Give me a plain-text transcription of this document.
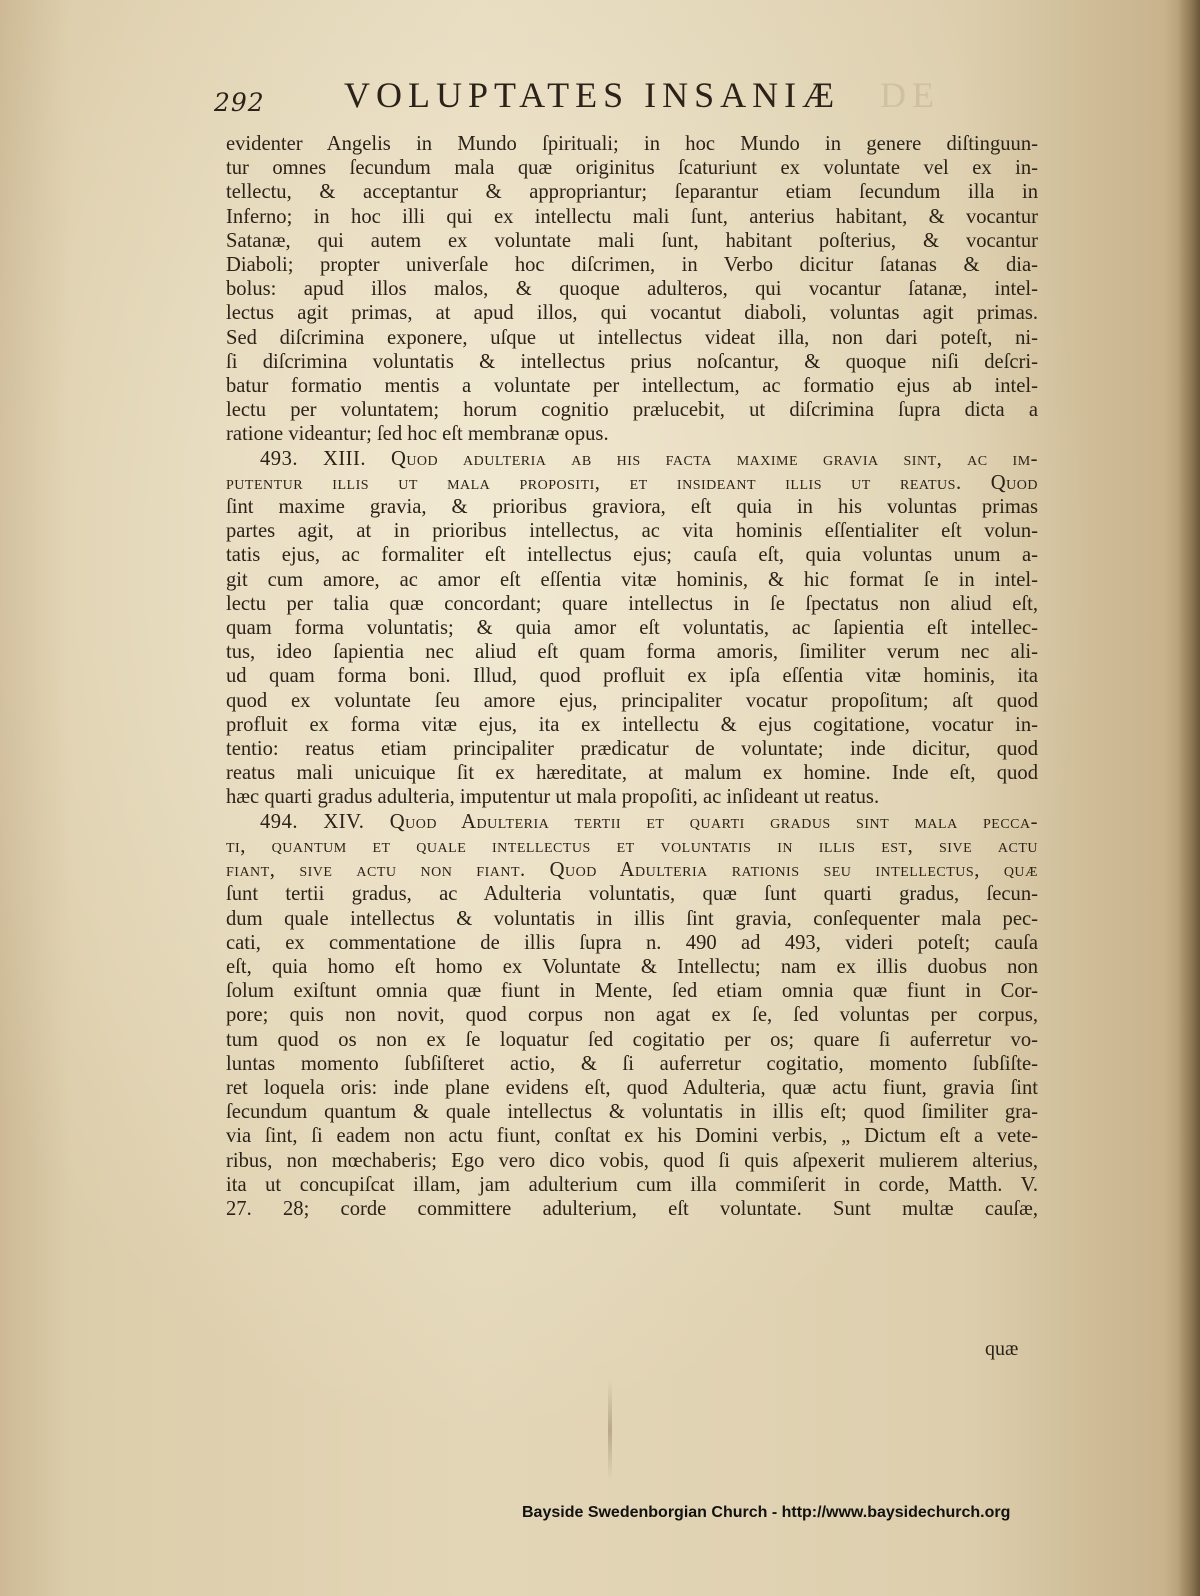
292 VOLUPTATES INSANIÆ DE
evidenter Angelis in Mundo ſpirituali; in hoc Mundo in genere diſtinguun-
tur omnes ſecundum mala quæ originitus ſcaturiunt ex voluntate vel ex in-
tellectu, & acceptantur & appropriantur; ſeparantur etiam ſecundum illa in
Inferno; in hoc illi qui ex intellectu mali ſunt, anterius habitant, & vocantur
Satanæ, qui autem ex voluntate mali ſunt, habitant poſterius, & vocantur
Diaboli; propter univerſale hoc diſcrimen, in Verbo dicitur ſatanas & dia-
bolus: apud illos malos, & quoque adulteros, qui vocantur ſatanæ, intel-
lectus agit primas, at apud illos, qui vocantut diaboli, voluntas agit primas.
Sed diſcrimina exponere, uſque ut intellectus videat illa, non dari poteſt, ni-
ſi diſcrimina voluntatis & intellectus prius noſcantur, & quoque niſi deſcri-
batur formatio mentis a voluntate per intellectum, ac formatio ejus ab intel-
lectu per voluntatem; horum cognitio prælucebit, ut diſcrimina ſupra dicta a
ratione videantur; ſed hoc eſt membranæ opus.
493. XIII. Quod adulteria ab his facta maxime gravia sint, ac im-
putentur illis ut mala propositi, et insideant illis ut reatus. Quod
ſint maxime gravia, & prioribus graviora, eſt quia in his voluntas primas
partes agit, at in prioribus intellectus, ac vita hominis eſſentialiter eſt volun-
tatis ejus, ac formaliter eſt intellectus ejus; cauſa eſt, quia voluntas unum a-
git cum amore, ac amor eſt eſſentia vitæ hominis, & hic format ſe in intel-
lectu per talia quæ concordant; quare intellectus in ſe ſpectatus non aliud eſt,
quam forma voluntatis; & quia amor eſt voluntatis, ac ſapientia eſt intellec-
tus, ideo ſapientia nec aliud eſt quam forma amoris, ſimiliter verum nec ali-
ud quam forma boni. Illud, quod profluit ex ipſa eſſentia vitæ hominis, ita
quod ex voluntate ſeu amore ejus, principaliter vocatur propoſitum; aſt quod
profluit ex forma vitæ ejus, ita ex intellectu & ejus cogitatione, vocatur in-
tentio: reatus etiam principaliter prædicatur de voluntate; inde dicitur, quod
reatus mali unicuique ſit ex hæreditate, at malum ex homine. Inde eſt, quod
hæc quarti gradus adulteria, imputentur ut mala propoſiti, ac inſideant ut reatus.
494. XIV. Quod Adulteria tertii et quarti gradus sint mala pecca-
ti, quantum et quale intellectus et voluntatis in illis est, sive actu
fiant, sive actu non fiant. Quod Adulteria rationis ſeu intellectus, quæ
ſunt tertii gradus, ac Adulteria voluntatis, quæ ſunt quarti gradus, ſecun-
dum quale intellectus & voluntatis in illis ſint gravia, conſequenter mala pec-
cati, ex commentatione de illis ſupra n. 490 ad 493, videri poteſt; cauſa
eſt, quia homo eſt homo ex Voluntate & Intellectu; nam ex illis duobus non
ſolum exiſtunt omnia quæ fiunt in Mente, ſed etiam omnia quæ fiunt in Cor-
pore; quis non novit, quod corpus non agat ex ſe, ſed voluntas per corpus,
tum quod os non ex ſe loquatur ſed cogitatio per os; quare ſi auferretur vo-
luntas momento ſubſiſteret actio, & ſi auferretur cogitatio, momento ſubſiſte-
ret loquela oris: inde plane evidens eſt, quod Adulteria, quæ actu fiunt, gravia ſint
ſecundum quantum & quale intellectus & voluntatis in illis eſt; quod ſimiliter gra-
via ſint, ſi eadem non actu fiunt, conſtat ex his Domini verbis, „ Dictum eſt a vete-
ribus, non mœchaberis; Ego vero dico vobis, quod ſi quis aſpexerit mulierem alterius,
ita ut concupiſcat illam, jam adulterium cum illa commiſerit in corde, Matth. V.
27. 28; corde committere adulterium, eſt voluntate. Sunt multæ cauſæ,
quæ
Bayside Swedenborgian Church - http://www.baysidechurch.org
